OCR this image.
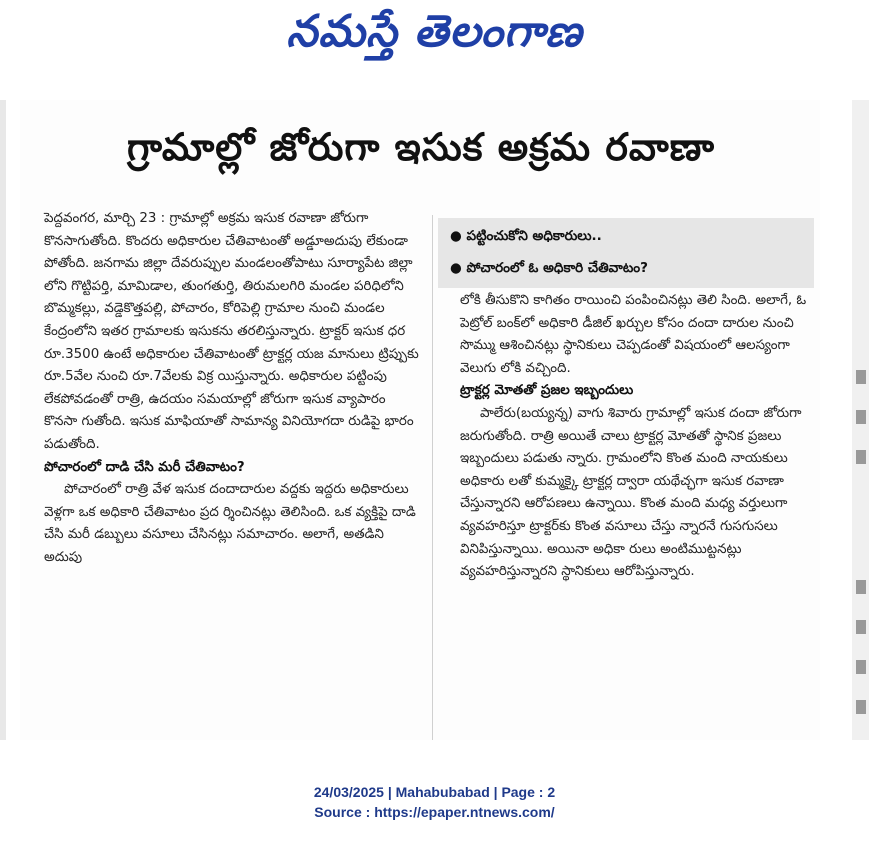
నమస్తే తెలంగాణ
గ్రామాల్లో జోరుగా ఇసుక అక్రమ రవాణా

పెద్దవంగర, మార్చి 23 : గ్రామాల్లో అక్రమ ఇసుక రవాణా జోరుగా కొనసాగుతోంది. కొందరు అధికారుల చేతివాటంతో అడ్డూఅదుపు లేకుండా పోతోంది. జనగామ జిల్లా దేవరుప్పుల మండలంతోపాటు సూర్యాపేట జిల్లా లోని గొట్టిపర్తి, మామిడాల, తుంగతుర్తి, తిరుమలగిరి మండల పరిధిలోని బొమ్మకల్లు, వడ్డెకొత్తపల్లి, పోచారం, కోరిపెల్లి గ్రామాల నుంచి మండల కేంద్రంలోని ఇతర గ్రామాలకు ఇసుకను తరలిస్తున్నారు. ట్రాక్టర్ ఇసుక ధర రూ.3500 ఉంటే అధికారుల చేతివాటంతో ట్రాక్టర్ల యజ మానులు ట్రిప్పుకు రూ.5వేల నుంచి రూ.7వేలకు విక్ర యిస్తున్నారు. అధికారుల పట్టింపు లేకపోవడంతో రాత్రి, ఉదయం సమయాల్లో జోరుగా ఇసుక వ్యాపారం కొనసా గుతోంది. ఇసుక మాఫియాతో సామాన్య వినియోగదా రుడిపై భారం పడుతోంది.

పోచారంలో దాడి చేసి మరీ చేతివాటం?

పోచారంలో రాత్రి వేళ ఇసుక దందాదారుల వద్దకు ఇద్దరు అధికారులు వెళ్లగా ఒక అధికారి చేతివాటం ప్రద ర్శించినట్లు తెలిసింది. ఒక వ్యక్తిపై దాడి చేసి మరీ డబ్బులు వసూలు చేసినట్లు సమాచారం. అలాగే, అతడిని అదుపు

● పట్టించుకోని అధికారులు..
● పోచారంలో ఓ అధికారి చేతివాటం?

లోకి తీసుకొని కాగితం రాయించి పంపించినట్లు తెలి సింది. అలాగే, ఓ పెట్రోల్ బంక్‌లో అధికారి డీజిల్ ఖర్చుల కోసం దందా దారుల నుంచి సొమ్ము ఆశించినట్లు స్థానికులు చెప్పడంతో విషయంలో ఆలస్యంగా వెలుగు లోకి వచ్చింది.

ట్రాక్టర్ల మోతతో ప్రజల ఇబ్బందులు

పాలేరు(బయ్యన్న) వాగు శివారు గ్రామాల్లో ఇసుక దందా జోరుగా జరుగుతోంది. రాత్రి అయితే చాలు ట్రాక్టర్ల మోతతో స్థానిక ప్రజలు ఇబ్బందులు పడుతు న్నారు. గ్రామంలోని కొంత మంది నాయకులు అధికారు లతో కుమ్మక్కై ట్రాక్టర్ల ద్వారా యథేచ్ఛగా ఇసుక రవాణా చేస్తున్నారని ఆరోపణలు ఉన్నాయి. కొంత మంది మధ్య వర్తులుగా వ్యవహరిస్తూ ట్రాక్టర్‌కు కొంత వసూలు చేస్తు న్నారనే గుసగుసలు వినిపిస్తున్నాయి. అయినా అధికా రులు అంటిముట్టనట్లు వ్యవహరిస్తున్నారని స్థానికులు ఆరోపిస్తున్నారు.

24/03/2025 | Mahabubabad | Page : 2
Source : https://epaper.ntnews.com/
